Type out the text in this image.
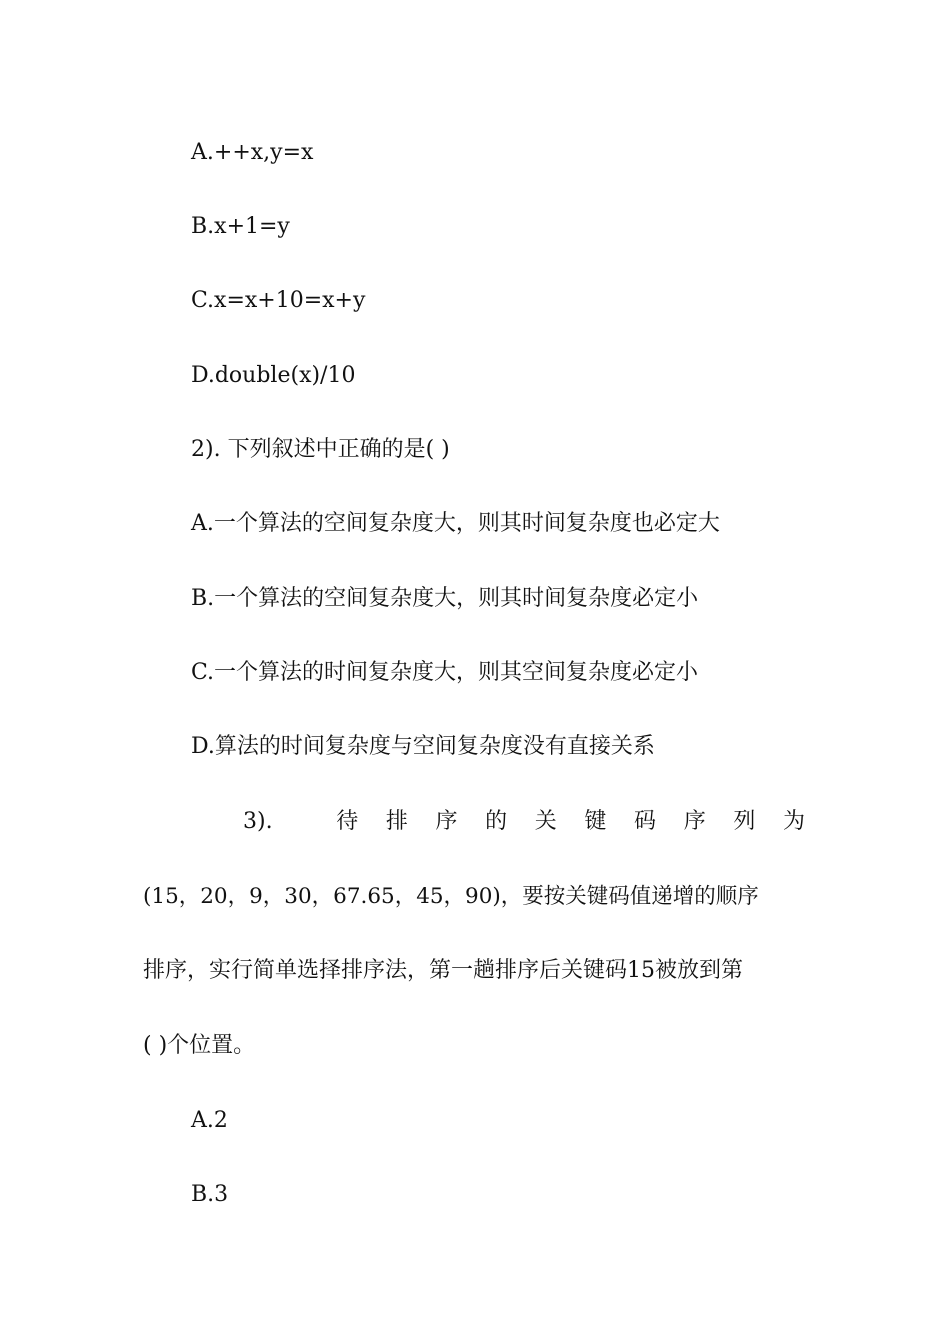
A.++x,y=x
B.x+1=y
C.x=x+10=x+y
D.double(x)/10
2). 下列叙述中正确的是( )
A.一个算法的空间复杂度大，则其时间复杂度也必定大
B.一个算法的空间复杂度大，则其时间复杂度必定小
C.一个算法的时间复杂度大，则其空间复杂度必定小
D.算法的时间复杂度与空间复杂度没有直接关系
3).	待 排 序 的 关 键 码 序 列 为
(15，20，9，30，67.65，45，90)，要按关键码值递增的顺序
排序，实行简单选择排序法，第一趟排序后关键码15被放到第
( )个位置。
A.2
B.3
